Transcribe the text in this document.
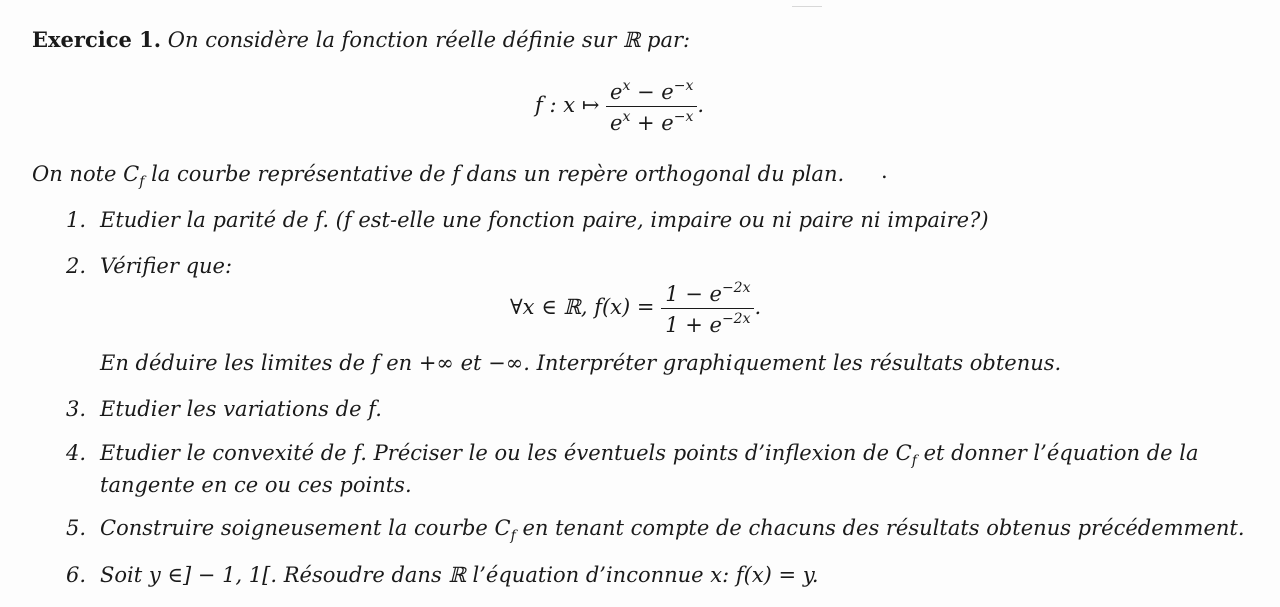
Exercice 1. On considère la fonction réelle définie sur ℝ par:
f : x ↦ $\frac{e^x - e^{-x}}{e^x + e^{-x}}$ .
On note $C_f$ la courbe représentative de f dans un repère orthogonal du plan. .
1. Etudier la parité de f. (f est-elle une fonction paire, impaire ou ni paire ni impaire?)
2. Vérifier que:
∀x ∈ ℝ, $f(x) = \frac{1 - e^{-2x}}{1 + e^{-2x}}$ .
En déduire les limites de f en +∞ et −∞. Interpréter graphiquement les résultats obtenus.
3. Etudier les variations de f.
4. Etudier le convexité de f. Préciser le ou les éventuels points d’inflexion de $C_f$ et donner l’équation de la
tangente en ce ou ces points.
5. Construire soigneusement la courbe $C_f$ en tenant compte de chacuns des résultats obtenus précédemment.
6. Soit y ∈] − 1, 1[. Résoudre dans ℝ l’équation d’inconnue x: f(x) = y.
